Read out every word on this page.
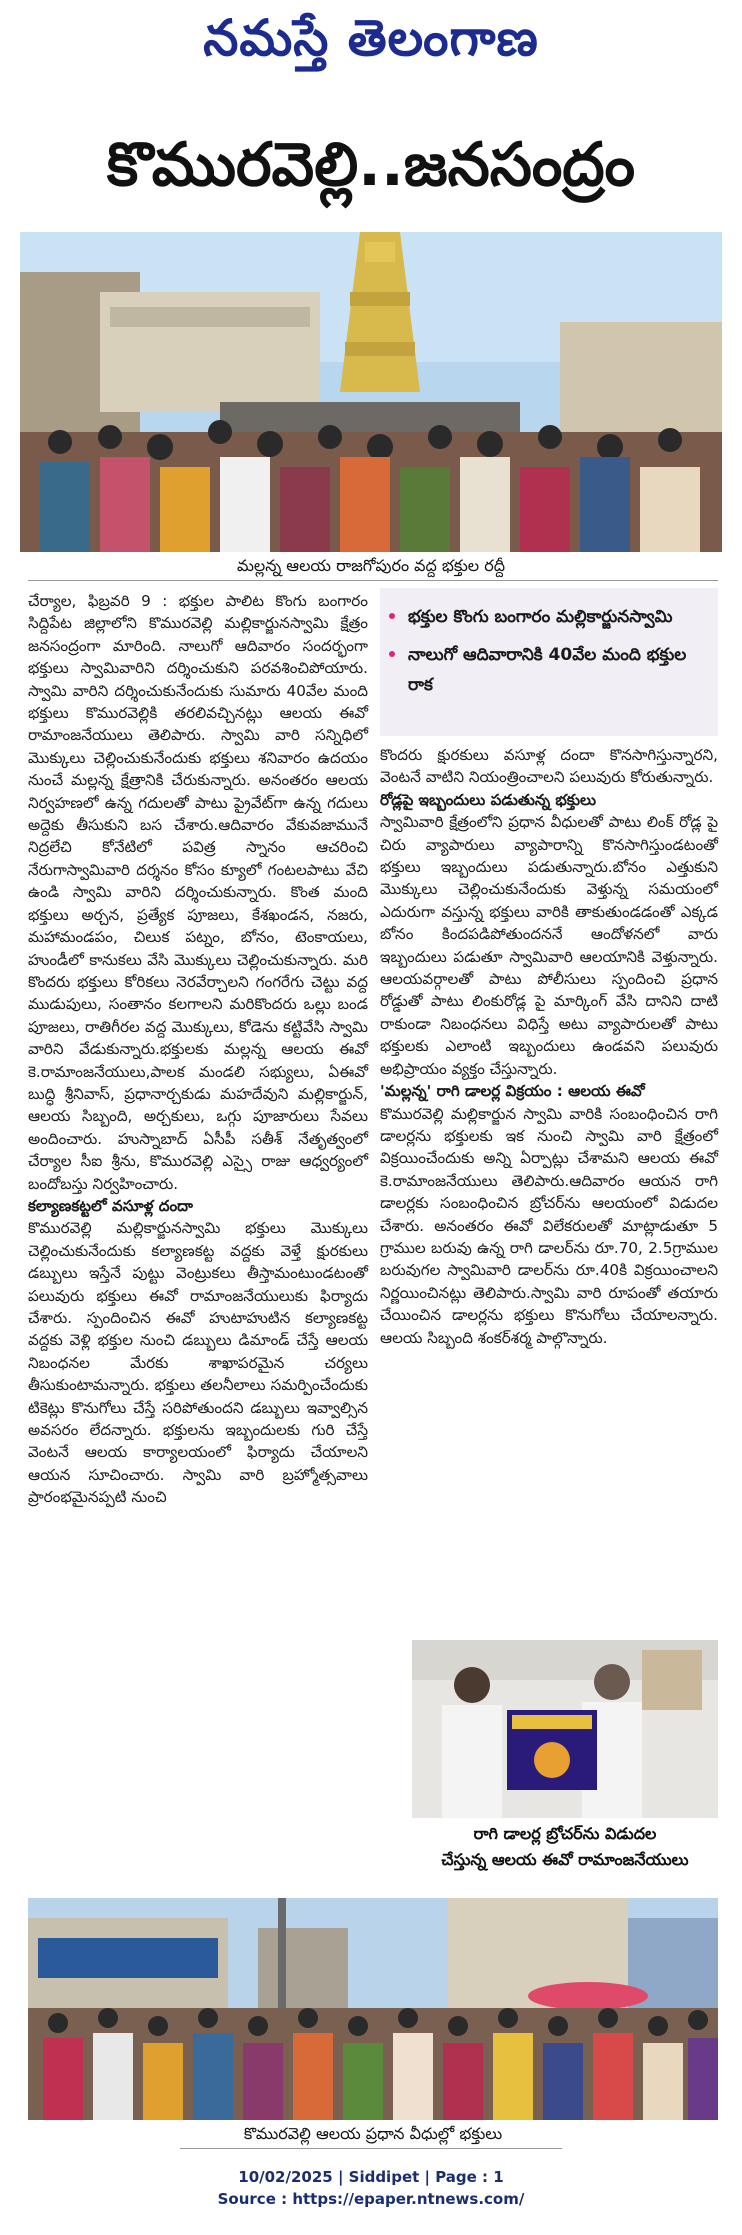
నమస్తే తెలంగాణ
కొమురవెల్లి..జనసంద్రం
మల్లన్న ఆలయ రాజగోపురం వద్ద భక్తుల రద్దీ

చేర్యాల, ఫిబ్రవరి 9 : భక్తుల పాలిట కొంగు బంగారం సిద్దిపేట జిల్లాలోని కొమురవెల్లి మల్లికార్జునస్వామి క్షేత్రం జనసంద్రంగా మారింది. నాలుగో ఆదివారం సందర్భంగా భక్తులు స్వామివారిని దర్శించుకుని పరవశించిపోయారు. స్వామి వారిని దర్శించుకునేందుకు సుమారు 40వేల మంది భక్తులు కొమురవెల్లికి తరలివచ్చినట్లు ఆలయ ఈవో రామాంజనేయులు తెలిపారు. స్వామి వారి సన్నిధిలో మొక్కులు చెల్లించుకునేందుకు భక్తులు శనివారం ఉదయం నుంచే మల్లన్న క్షేత్రానికి చేరుకున్నారు. అనంతరం ఆలయ నిర్వహణలో ఉన్న గదులతో పాటు ప్రైవేట్‌గా ఉన్న గదులు అద్దెకు తీసుకుని బస చేశారు.ఆదివారం వేకువజామునే నిద్రలేచి కోనేటిలో పవిత్ర స్నానం ఆచరించి నేరుగాస్వామివారి దర్శనం కోసం క్యూలో గంటలపాటు వేచి ఉండి స్వామి వారిని దర్శించుకున్నారు. కొంత మంది భక్తులు అర్చన, ప్రత్యేక పూజలు, కేశఖండన, నజరు, మహామండపం, చిలుక పట్నం, బోనం, టెంకాయలు, హుండీలో కానుకలు వేసి మొక్కులు చెల్లించుకున్నారు. మరి కొందరు భక్తులు కోరికలు నెరవేర్చాలని గంగరేగు చెట్టు వద్ద ముడుపులు, సంతానం కలగాలని మరికొందరు ఒల్లు బండ పూజలు, రాతిగీరల వద్ద మొక్కులు, కోడెను కట్టివేసి స్వామి వారిని వేడుకున్నారు.భక్తులకు మల్లన్న ఆలయ ఈవో కె.రామాంజనేయులు,పాలక మండలి సభ్యులు, ఏఈవో బుద్ధి శ్రీనివాస్, ప్రధానార్చకుడు మహదేవుని మల్లికార్జున్, ఆలయ సిబ్బంది, అర్చకులు, ఒగ్గు పూజారులు సేవలు అందించారు. హుస్నాబాద్ ఏసీపీ సతీశ్ నేతృత్వంలో చేర్యాల సీఐ శ్రీను, కొమురవెల్లి ఎస్సై రాజు ఆధ్వర్యంలో బందోబస్తు నిర్వహించారు.

కల్యాణకట్టలో వసూళ్ల దందా

కొమురవెల్లి మల్లికార్జునస్వామి భక్తులు మొక్కులు చెల్లించుకునేందుకు కల్యాణకట్ట వద్దకు వెళ్తే క్షురకులు డబ్బులు ఇస్తేనే పుట్టు వెంట్రుకలు తీస్తామంటుండటంతో పలువురు భక్తులు ఈవో రామాంజనేయులుకు ఫిర్యాదు చేశారు. స్పందించిన ఈవో హుటాహుటిన కల్యాణకట్ట వద్దకు వెళ్లి భక్తుల నుంచి డబ్బులు డిమాండ్ చేస్తే ఆలయ నిబంధనల మేరకు శాఖాపరమైన చర్యలు తీసుకుంటామన్నారు. భక్తులు తలనీలాలు సమర్పించేందుకు టికెట్లు కొనుగోలు చేస్తే సరిపోతుందని డబ్బులు ఇవ్వాల్సిన అవసరం లేదన్నారు. భక్తులను ఇబ్బందులకు గురి చేస్తే వెంటనే ఆలయ కార్యాలయంలో ఫిర్యాదు చేయాలని ఆయన సూచించారు. స్వామి వారి బ్రహ్మోత్సవాలు ప్రారంభమైనప్పటి నుంచి

• భక్తుల కొంగు బంగారం మల్లికార్జునస్వామి
• నాలుగో ఆదివారానికి 40వేల మంది భక్తుల రాక

కొందరు క్షురకులు వసూళ్ల దందా కొనసాగిస్తున్నారని, వెంటనే వాటిని నియంత్రించాలని పలువురు కోరుతున్నారు.

రోడ్లపై ఇబ్బందులు పడుతున్న భక్తులు

స్వామివారి క్షేత్రంలోని ప్రధాన వీధులతో పాటు లింక్ రోడ్ల పై చిరు వ్యాపారులు వ్యాపారాన్ని కొనసాగిస్తుండటంతో భక్తులు ఇబ్బందులు పడుతున్నారు.బోనం ఎత్తుకుని మొక్కులు చెల్లించుకునేందుకు వెళ్తున్న సమయంలో ఎదురుగా వస్తున్న భక్తులు వారికి తాకుతుండడంతో ఎక్కడ బోనం కిందపడిపోతుందననే ఆందోళనలో వారు ఇబ్బందులు పడుతూ స్వామివారి ఆలయానికి వెళ్తున్నారు. ఆలయవర్గాలతో పాటు పోలీసులు స్పందించి ప్రధాన రోడ్డుతో పాటు లింకురోడ్ల పై మార్కింగ్ వేసి దానిని దాటి రాకుండా నిబంధనలు విధిస్తే అటు వ్యాపారులతో పాటు భక్తులకు ఎలాంటి ఇబ్బందులు ఉండవని పలువురు అభిప్రాయం వ్యక్తం చేస్తున్నారు.

'మల్లన్న' రాగి డాలర్ల విక్రయం : ఆలయ ఈవో

కొమురవెల్లి మల్లికార్జున స్వామి వారికి సంబంధించిన రాగి డాలర్లను భక్తులకు ఇక నుంచి స్వామి వారి క్షేత్రంలో విక్రయించేందుకు అన్ని ఏర్పాట్లు చేశామని ఆలయ ఈవో కె.రామాంజనేయులు తెలిపారు.ఆదివారం ఆయన రాగి డాలర్లకు సంబంధించిన బ్రోచర్‌ను ఆలయంలో విడుదల చేశారు. అనంతరం ఈవో విలేకరులతో మాట్లాడుతూ 5 గ్రాముల బరువు ఉన్న రాగి డాలర్‌ను రూ.70, 2.5గ్రాముల బరువుగల స్వామివారి డాలర్‌ను రూ.40కి విక్రయించాలని నిర్ణయించినట్లు తెలిపారు.స్వామి వారి రూపంతో తయారు చేయించిన డాలర్లను భక్తులు కొనుగోలు చేయాలన్నారు. ఆలయ సిబ్బంది శంకర్‌శర్మ పాల్గొన్నారు.

రాగి డాలర్ల బ్రోచర్‌ను విడుదల
చేస్తున్న ఆలయ ఈవో రామాంజనేయులు
కొమురవెల్లి ఆలయ ప్రధాన వీధుల్లో భక్తులు
10/02/2025 | Siddipet | Page : 1
Source : https://epaper.ntnews.com/
